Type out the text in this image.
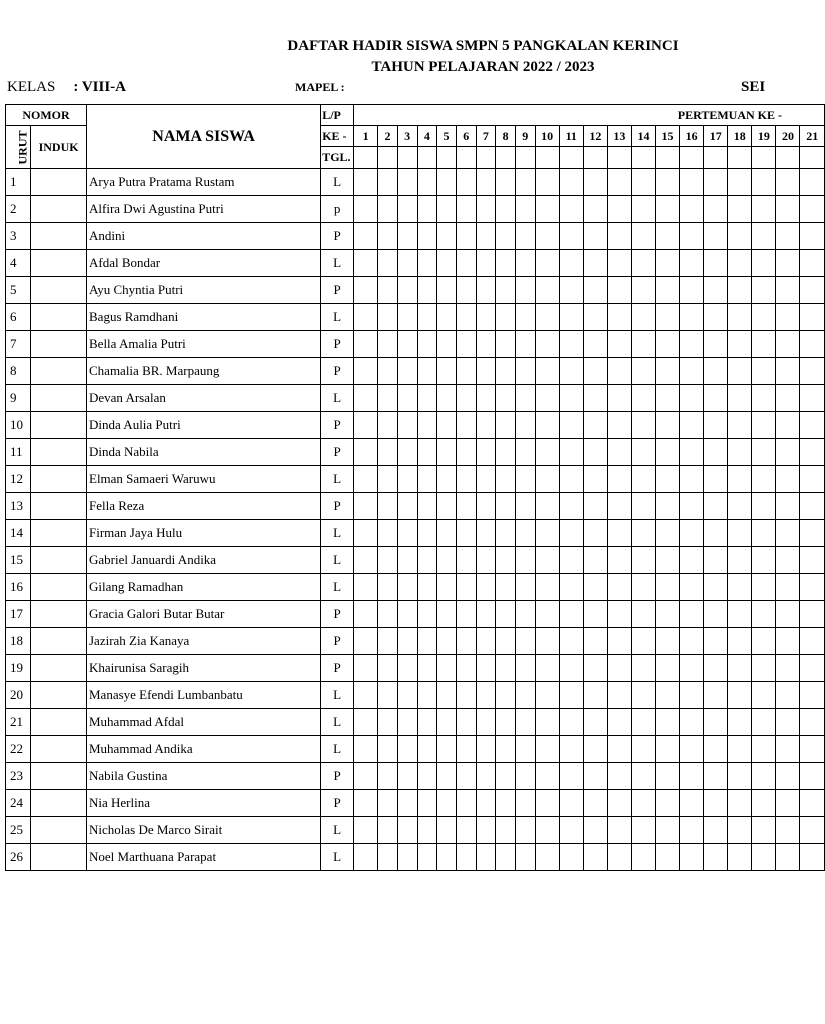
DAFTAR HADIR SISWA SMPN 5 PANGKALAN KERINCI
TAHUN PELAJARAN 2022 / 2023
KELAS : VIII-A	MAPEL :	SEI
NOMOR		NAMA SISWA	L/P	PERTEMUAN KE -																				
URUT	INDUK		KE -	1	2	3	4	5	6	7	8	9	10	11	12	13	14	15	16	17	18	19	20	21
			TGL.																					
1		Arya Putra Pratama Rustam	L																					
2		Alfira Dwi Agustina Putri	p																					
3		Andini	P																					
4		Afdal Bondar	L																					
5		Ayu Chyntia Putri	P																					
6		Bagus Ramdhani	L																					
7		Bella Amalia Putri	P																					
8		Chamalia BR. Marpaung	P																					
9		Devan Arsalan	L																					
10		Dinda Aulia Putri	P																					
11		Dinda Nabila	P																					
12		Elman Samaeri Waruwu	L																					
13		Fella Reza	P																					
14		Firman Jaya Hulu	L																					
15		Gabriel Januardi Andika	L																					
16		Gilang Ramadhan	L																					
17		Gracia Galori Butar Butar	P																					
18		Jazirah Zia Kanaya	P																					
19		Khairunisa Saragih	P																					
20		Manasye Efendi Lumbanbatu	L																					
21		Muhammad Afdal	L																					
22		Muhammad Andika	L																					
23		Nabila Gustina	P																					
24		Nia Herlina	P																					
25		Nicholas De Marco Sirait	L																					
26		Noel Marthuana Parapat	L																					
